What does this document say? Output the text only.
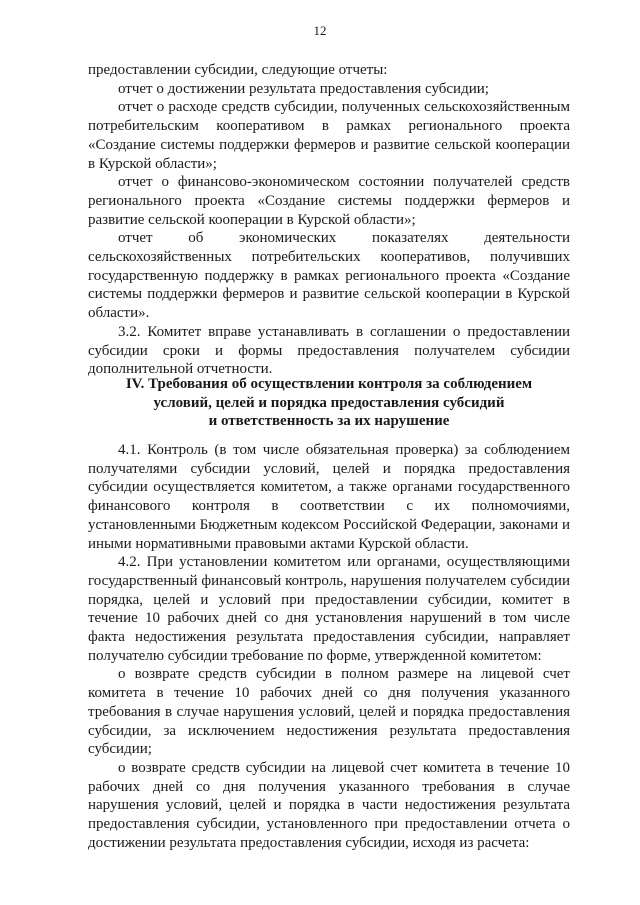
12

предоставлении субсидии, следующие отчеты:

отчет о достижении результата предоставления субсидии;

отчет о расходе средств субсидии, полученных сельскохозяйственным потребительским кооперативом в рамках регионального проекта «Создание системы поддержки фермеров и развитие сельской кооперации в Курской области»;

отчет о финансово-экономическом состоянии получателей средств регионального проекта «Создание системы поддержки фермеров и развитие сельской кооперации в Курской области»;

отчет об экономических показателях деятельности сельскохозяйственных потребительских кооперативов, получивших государственную поддержку в рамках регионального проекта «Создание системы поддержки фермеров и развитие сельской кооперации в Курской области».

3.2. Комитет вправе устанавливать в соглашении о предоставлении субсидии сроки и формы предоставления получателем субсидии дополнительной отчетности.

IV. Требования об осуществлении контроля за соблюдением
условий, целей и порядка предоставления субсидий
и ответственность за их нарушение

4.1. Контроль (в том числе обязательная проверка) за соблюдением получателями субсидии условий, целей и порядка предоставления субсидии осуществляется комитетом, а также органами государственного финансового контроля в соответствии с их полномочиями, установленными Бюджетным кодексом Российской Федерации, законами и иными нормативными правовыми актами Курской области.

4.2. При установлении комитетом или органами, осуществляющими государственный финансовый контроль, нарушения получателем субсидии порядка, целей и условий при предоставлении субсидии, комитет в течение 10 рабочих дней со дня установления нарушений в том числе факта недостижения результата предоставления субсидии, направляет получателю субсидии требование по форме, утвержденной комитетом:

о возврате средств субсидии в полном размере на лицевой счет комитета в течение 10 рабочих дней со дня получения указанного требования в случае нарушения условий, целей и порядка предоставления субсидии, за исключением недостижения результата предоставления субсидии;

о возврате средств субсидии на лицевой счет комитета в течение 10 рабочих дней со дня получения указанного требования в случае нарушения условий, целей и порядка в части недостижения результата предоставления субсидии, установленного при предоставлении отчета о достижении результата предоставления субсидии, исходя из расчета:
